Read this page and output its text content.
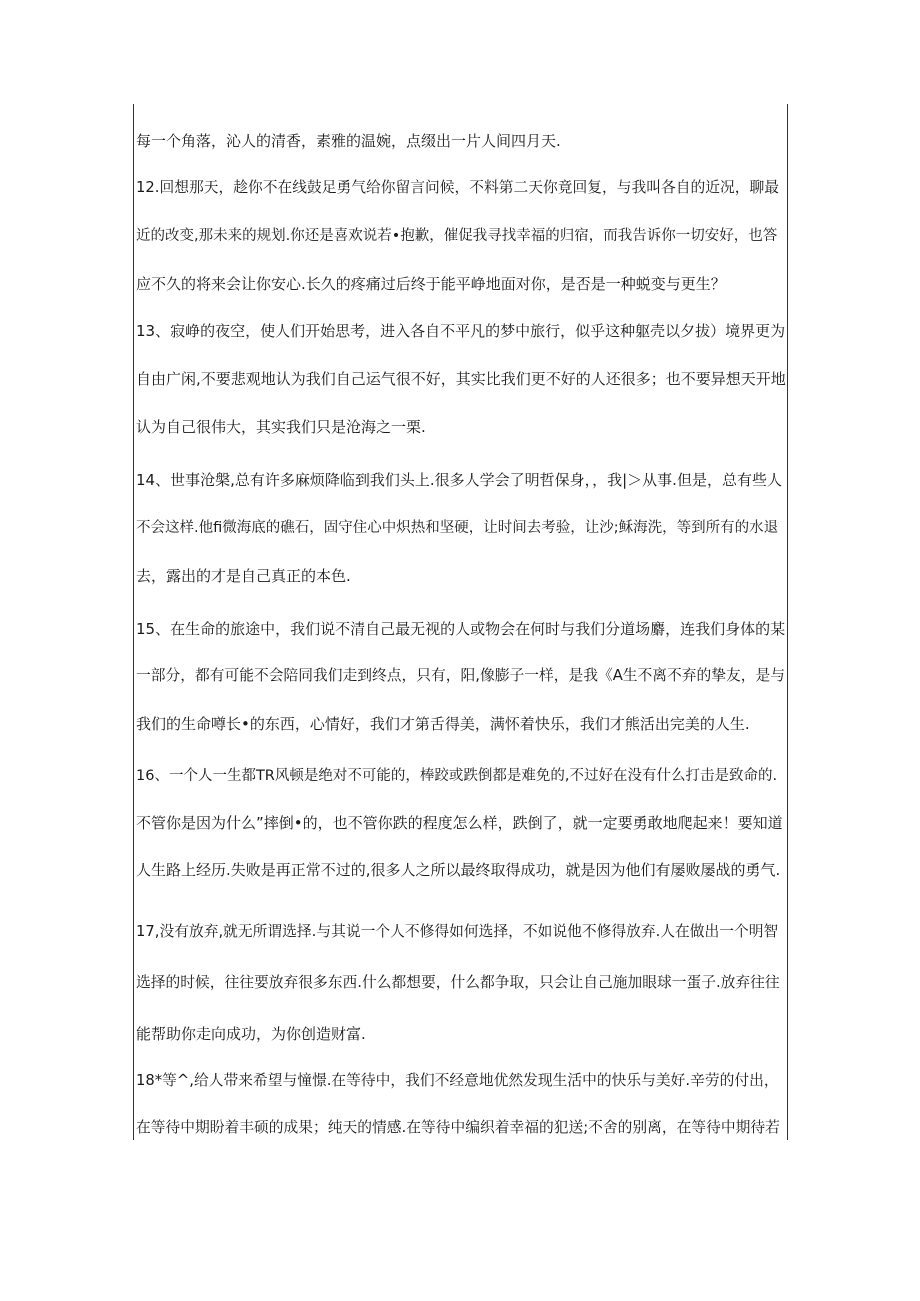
每一个角落，沁人的清香，素雅的温婉，点缀出一片人间四月天.
12.回想那天，趁你不在线鼓足勇气给你留言问候，不料第二天你竟回复，与我叫各自的近况，聊最
近的改变,那未来的规划.你还是喜欢说若•抱歉，催促我寻找幸福的归宿，而我告诉你一切安好，也答
应不久的将来会让你安心.长久的疼痛过后终于能平峥地面对你，是否是一种蜕变与更生？
13、寂峥的夜空，使人们开始思考，进入各自不平凡的梦中旅行，似乎这种躯壳以夕拔）境界更为
自由广闲,不要悲观地认为我们自己运气很不好，其实比我们更不好的人还很多；也不要异想天开地
认为自己很伟大，其实我们只是沧海之一栗.
14、世事沧槃,总有许多麻烦降临到我们头上.很多人学会了明哲保身，，我|＞从事.但是，总有些人
不会这样.他fi微海底的礁石，固守住心中炽热和坚硬，让时间去考验，让沙;稣海洗，等到所有的水退
去，露出的才是自己真正的本色.
15、在生命的旅途中，我们说不清自己最无视的人或物会在何时与我们分道场麝，连我们身体的某
一部分，都有可能不会陪同我们走到终点，只有，阳,像膨子一样，是我《A生不离不弃的挚友，是与
我们的生命噂长•的东西，心情好，我们才第舌得美，满怀着快乐，我们才熊活出完美的人生.
16、一个人一生都TR风顿是绝对不可能的，棒跤或跌倒都是难免的,不过好在没有什么打击是致命的.
不管你是因为什么”摔倒•的，也不管你跌的程度怎么样，跌倒了，就一定要勇敢地爬起来！要知道
人生路上经历.失败是再正常不过的,很多人之所以最终取得成功，就是因为他们有屡败屡战的勇气.
17,没有放弃,就无所谓选择.与其说一个人不修得如何选择，不如说他不修得放弃.人在做出一个明智
选择的时候，往往要放弃很多东西.什么都想要，什么都争取，只会让自己施加眼球一蛋子.放弃往往
能帮助你走向成功，为你创造财富.
18*等^,给人带来希望与憧憬.在等待中，我们不经意地优然发现生活中的快乐与美好.辛劳的付出，
在等待中期盼着丰硕的成果；纯天的情感.在等待中编织着幸福的犯送;不舍的别离，在等待中期待若
